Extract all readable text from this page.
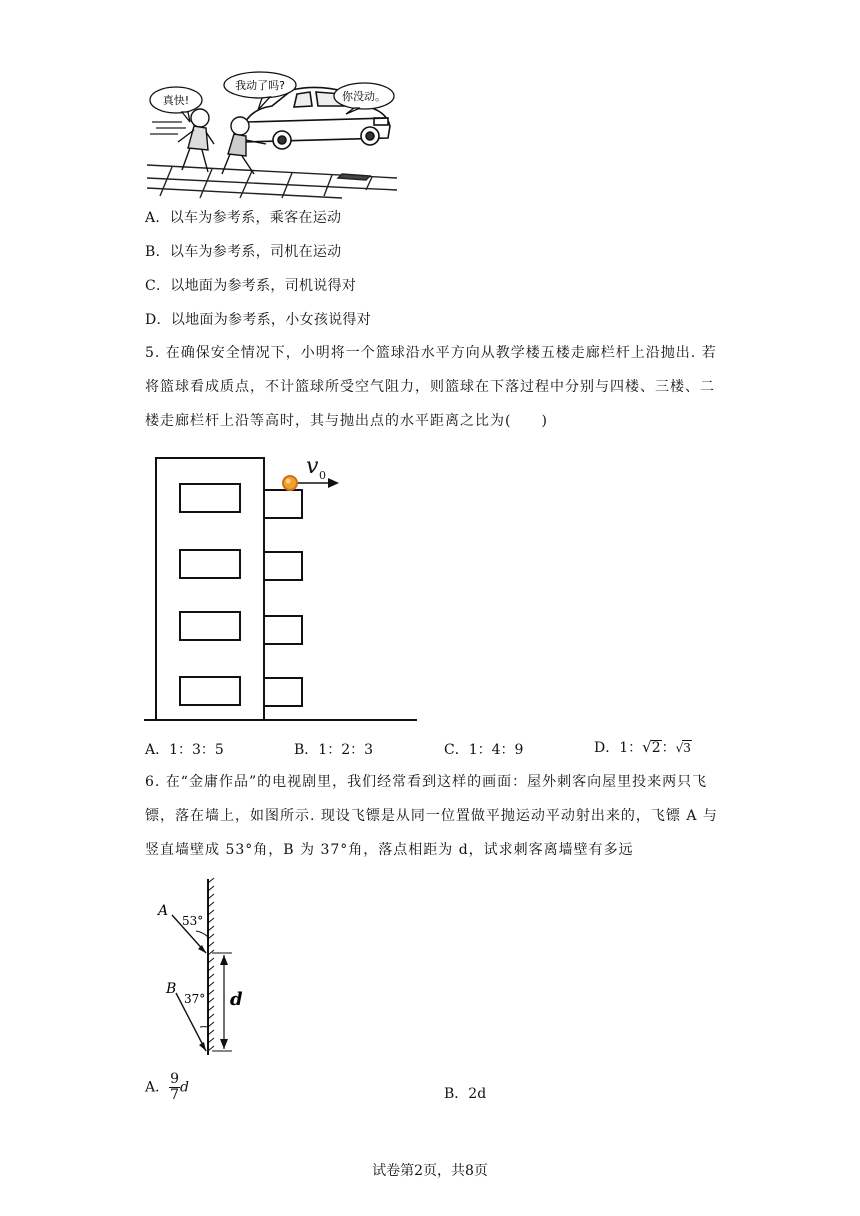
真快!
我动了吗?
你没动。
A．以车为参考系，乘客在运动
B．以车为参考系，司机在运动
C．以地面为参考系，司机说得对
D．以地面为参考系，小女孩说得对
5. 在确保安全情况下，小明将一个篮球沿水平方向从教学楼五楼走廊栏杆上沿抛出. 若将篮球看成质点，不计篮球所受空气阻力，则篮球在下落过程中分别与四楼、三楼、二楼走廊栏杆上沿等高时，其与抛出点的水平距离之比为(　　)
v 0
A．1：3：5	B．1：2：3	C．1：4：9	D．1：√2：√3
6. 在“金庸作品”的电视剧里，我们经常看到这样的画面：屋外刺客向屋里投来两只飞镖，落在墙上，如图所示. 现设飞镖是从同一位置做平抛运动平动射出来的，飞镖 A 与竖直墙壁成 53°角，B 为 37°角，落点相距为 d，试求刺客离墙壁有多远
A
53°
B
37° d
A． $\frac{9}{7}$ d	B．2d
试卷第2页，共8页
